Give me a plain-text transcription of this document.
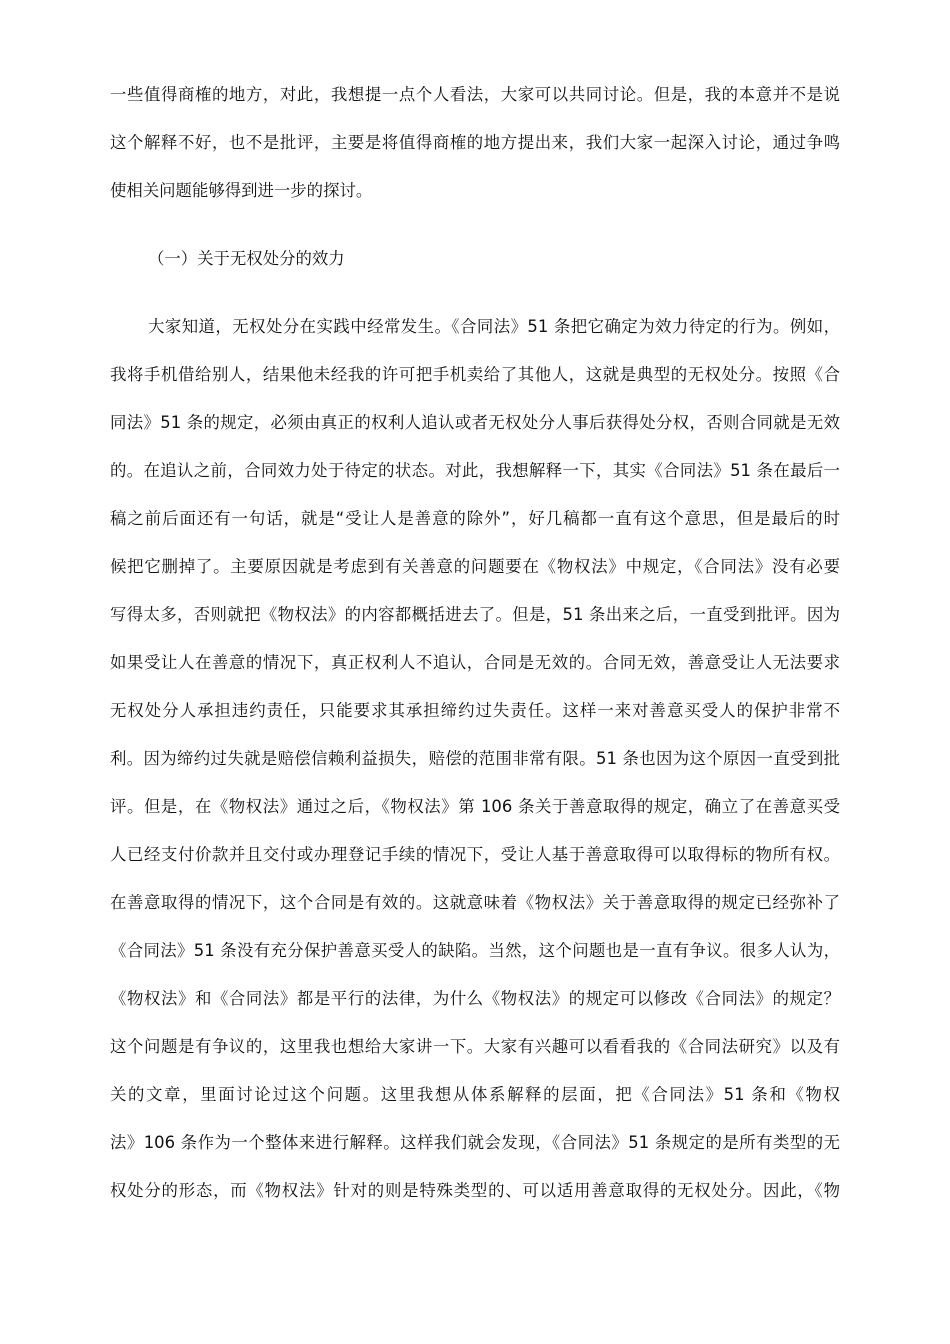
一些值得商榷的地方，对此，我想提一点个人看法，大家可以共同讨论。但是，我的本意并不是说
这个解释不好，也不是批评，主要是将值得商榷的地方提出来，我们大家一起深入讨论，通过争鸣
使相关问题能够得到进一步的探讨。
（一）关于无权处分的效力
大家知道，无权处分在实践中经常发生。《合同法》51 条把它确定为效力待定的行为。例如，
我将手机借给别人，结果他未经我的许可把手机卖给了其他人，这就是典型的无权处分。按照《合
同法》51 条的规定，必须由真正的权利人追认或者无权处分人事后获得处分权，否则合同就是无效
的。在追认之前，合同效力处于待定的状态。对此，我想解释一下，其实《合同法》51 条在最后一
稿之前后面还有一句话，就是“受让人是善意的除外”，好几稿都一直有这个意思，但是最后的时
候把它删掉了。主要原因就是考虑到有关善意的问题要在《物权法》中规定，《合同法》没有必要
写得太多，否则就把《物权法》的内容都概括进去了。但是，51 条出来之后，一直受到批评。因为
如果受让人在善意的情况下，真正权利人不追认，合同是无效的。合同无效，善意受让人无法要求
无权处分人承担违约责任，只能要求其承担缔约过失责任。这样一来对善意买受人的保护非常不
利。因为缔约过失就是赔偿信赖利益损失，赔偿的范围非常有限。51 条也因为这个原因一直受到批
评。但是，在《物权法》通过之后，《物权法》第 106 条关于善意取得的规定，确立了在善意买受
人已经支付价款并且交付或办理登记手续的情况下，受让人基于善意取得可以取得标的物所有权。
在善意取得的情况下，这个合同是有效的。这就意味着《物权法》关于善意取得的规定已经弥补了
《合同法》51 条没有充分保护善意买受人的缺陷。当然，这个问题也是一直有争议。很多人认为，
《物权法》和《合同法》都是平行的法律，为什么《物权法》的规定可以修改《合同法》的规定？
这个问题是有争议的，这里我也想给大家讲一下。大家有兴趣可以看看我的《合同法研究》以及有
关的文章，里面讨论过这个问题。这里我想从体系解释的层面，把《合同法》51 条和《物权
法》106 条作为一个整体来进行解释。这样我们就会发现，《合同法》51 条规定的是所有类型的无
权处分的形态，而《物权法》针对的则是特殊类型的、可以适用善意取得的无权处分。因此，《物
